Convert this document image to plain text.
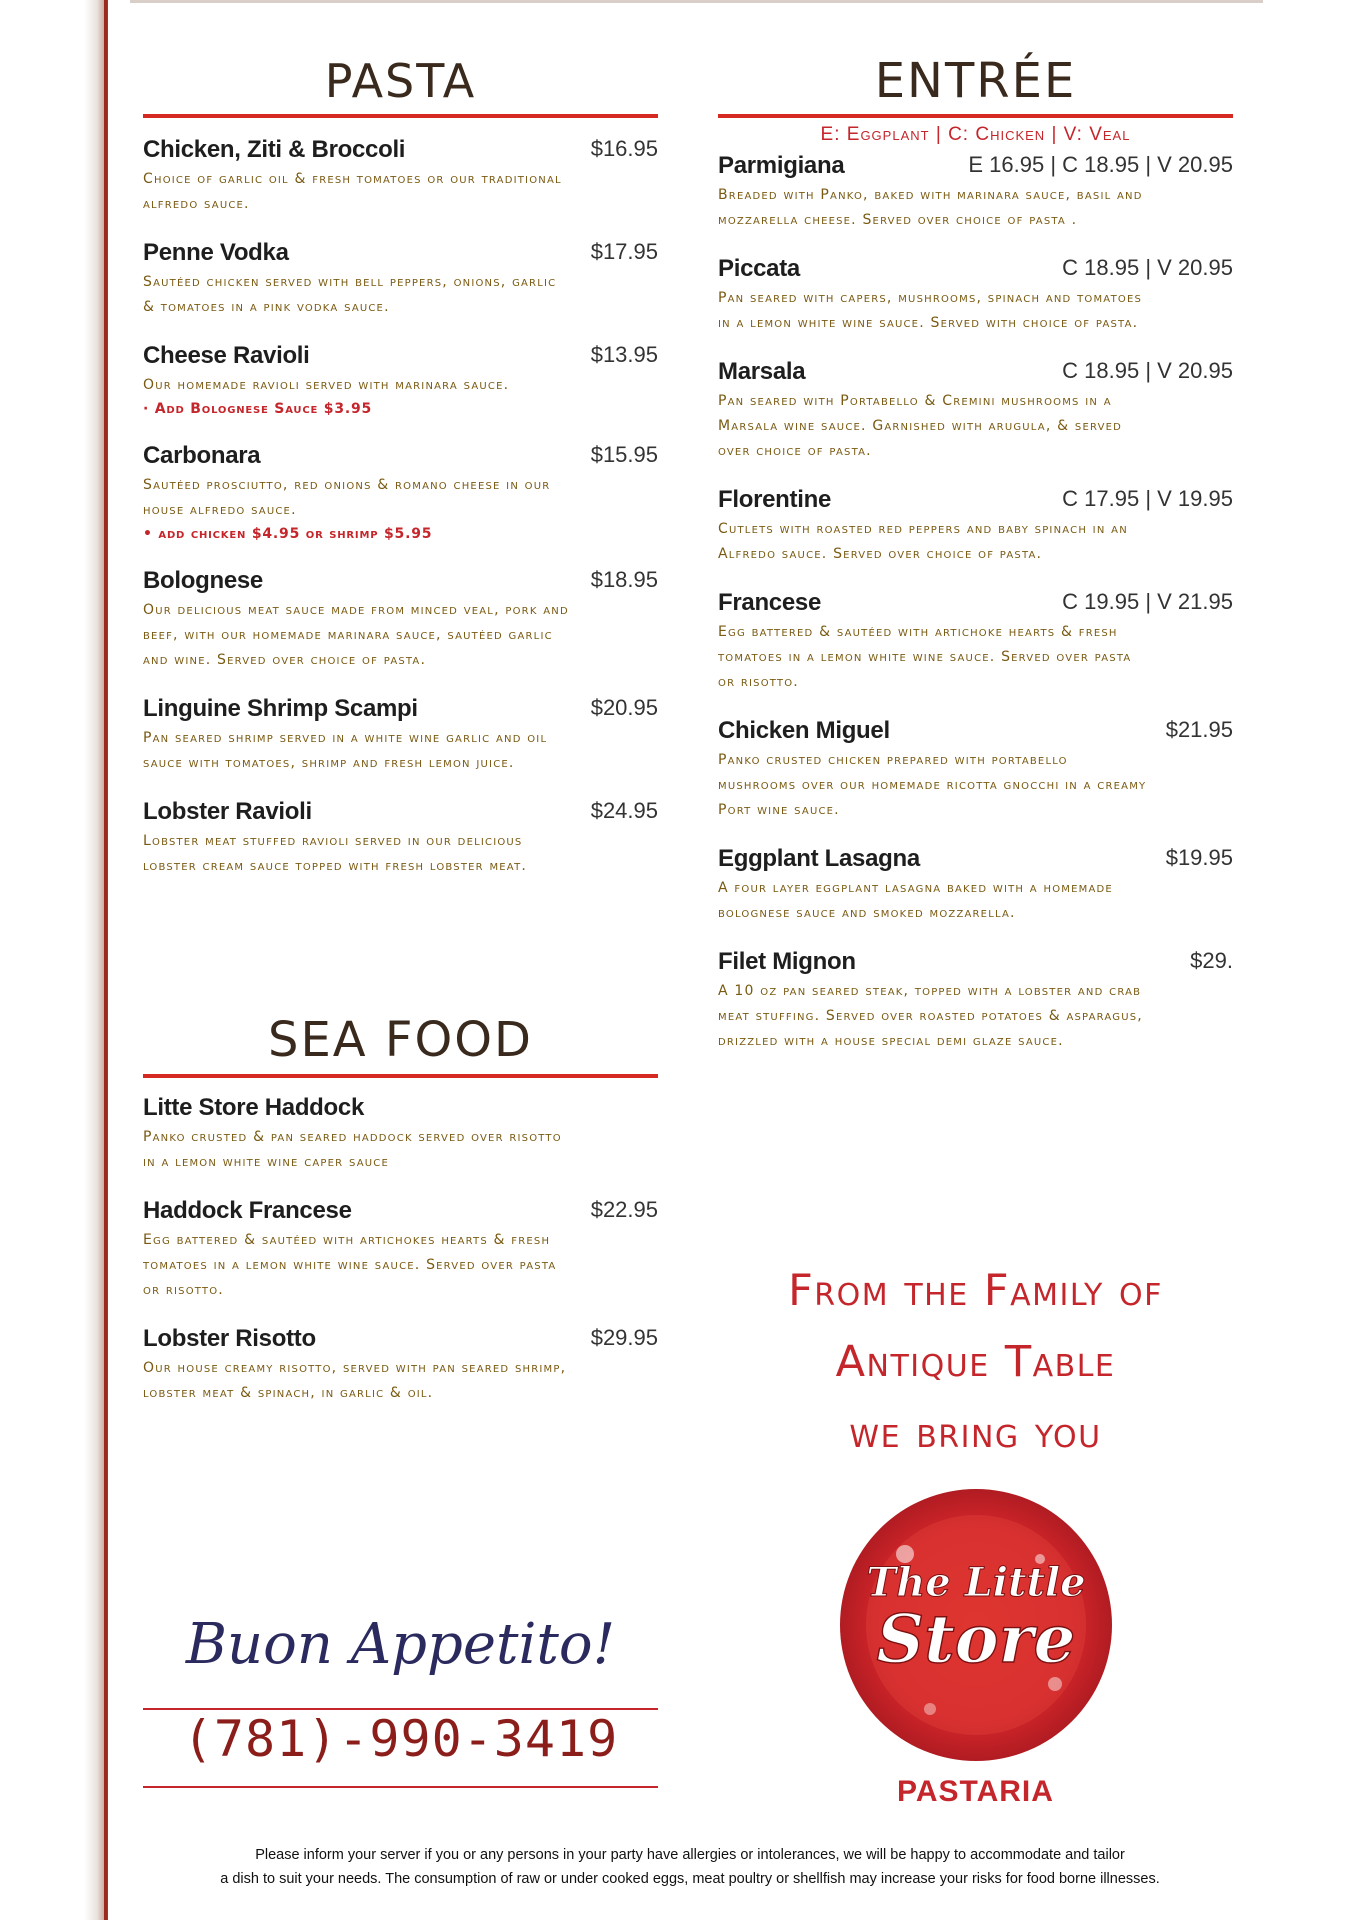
PASTA
Chicken, Ziti & Broccoli	$16.95
Choice of garlic oil & fresh tomatoes or our traditional alfredo sauce.
Penne Vodka	$17.95
Sautéed chicken served with bell peppers, onions, garlic & tomatoes in a pink vodka sauce.
Cheese Ravioli	$13.95
Our homemade ravioli served with marinara sauce.
· Add Bolognese Sauce $3.95
Carbonara	$15.95
Sautéed prosciutto, red onions & romano cheese in our house alfredo sauce.
• add chicken $4.95 or shrimp $5.95
Bolognese	$18.95
Our delicious meat sauce made from minced veal, pork and beef, with our homemade marinara sauce, sautéed garlic and wine. Served over choice of pasta.
Linguine Shrimp Scampi	$20.95
Pan seared shrimp served in a white wine garlic and oil sauce with tomatoes, shrimp and fresh lemon juice.
Lobster Ravioli	$24.95
Lobster meat stuffed ravioli served in our delicious lobster cream sauce topped with fresh lobster meat.
SEA FOOD
Litte Store Haddock
Panko crusted & pan seared haddock served over risotto in a lemon white wine caper sauce
Haddock Francese	$22.95
Egg battered & sautéed with artichokes hearts & fresh tomatoes in a lemon white wine sauce. Served over pasta or risotto.
Lobster Risotto	$29.95
Our house creamy risotto, served with pan seared shrimp, lobster meat & spinach, in garlic & oil.
ENTRÉE
E: Eggplant | C: Chicken | V: Veal
Parmigiana	E 16.95 | C 18.95 | V 20.95
Breaded with Panko, baked with marinara sauce, basil and mozzarella cheese. Served over choice of pasta .
Piccata	C 18.95 | V 20.95
Pan seared with capers, mushrooms, spinach and tomatoes in a lemon white wine sauce. Served with choice of pasta.
Marsala	C 18.95 | V 20.95
Pan seared with Portabello & Cremini mushrooms in a Marsala wine sauce. Garnished with arugula, & served over choice of pasta.
Florentine	C 17.95 | V 19.95
Cutlets with roasted red peppers and baby spinach in an Alfredo sauce. Served over choice of pasta.
Francese	C 19.95 | V 21.95
Egg battered & sautéed with artichoke hearts & fresh tomatoes in a lemon white wine sauce. Served over pasta or risotto.
Chicken Miguel	$21.95
Panko crusted chicken prepared with portabello mushrooms over our homemade ricotta gnocchi in a creamy Port wine sauce.
Eggplant Lasagna	$19.95
A four layer eggplant lasagna baked with a homemade bolognese sauce and smoked mozzarella.
Filet Mignon	$29.
A 10 oz pan seared steak, topped with a lobster and crab meat stuffing. Served over roasted potatoes & asparagus, drizzled with a house special demi glaze sauce.
From the Family of
Antique Table
we bring you
The Little
Store
PASTARIA
Buon Appetito!
(781)-990-3419
Please inform your server if you or any persons in your party have allergies or intolerances, we will be happy to accommodate and tailor
a dish to suit your needs. The consumption of raw or under cooked eggs, meat poultry or shellfish may increase your risks for food borne illnesses.
